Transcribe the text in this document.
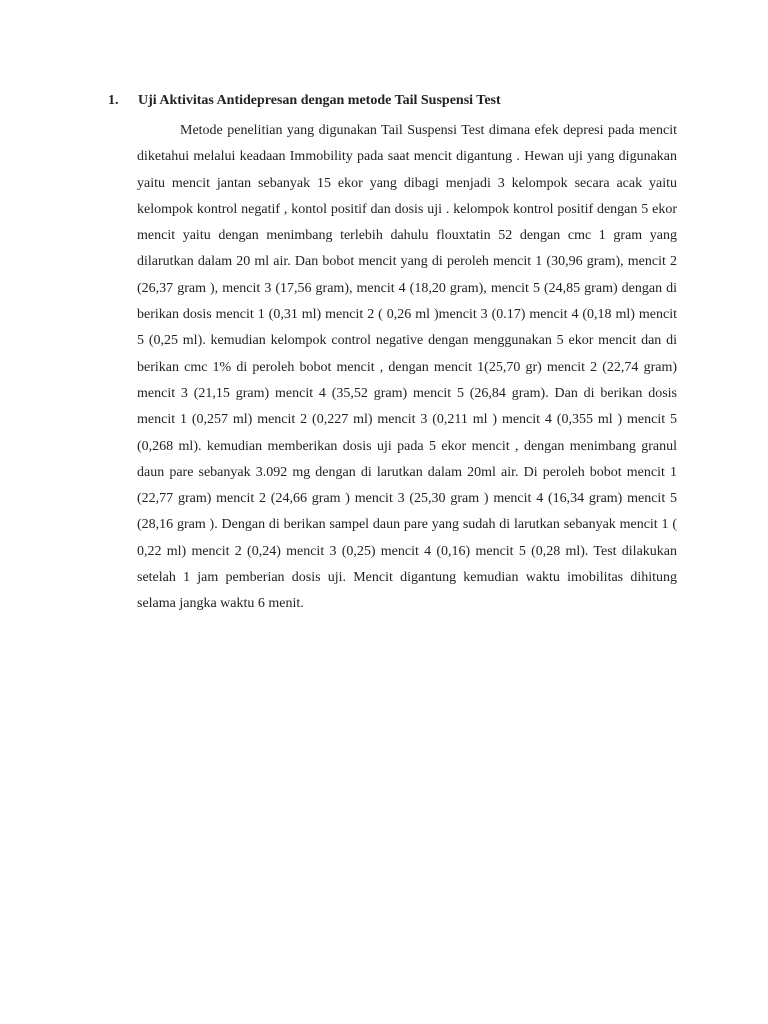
1. Uji Aktivitas Antidepresan dengan metode Tail Suspensi Test

Metode penelitian yang digunakan Tail Suspensi Test dimana efek depresi pada mencit diketahui melalui keadaan Immobility pada saat mencit digantung . Hewan uji yang digunakan yaitu mencit jantan sebanyak 15 ekor yang dibagi menjadi 3 kelompok secara acak yaitu kelompok kontrol negatif , kontol positif dan dosis uji . kelompok kontrol positif dengan 5 ekor mencit yaitu dengan menimbang terlebih dahulu flouxtatin 52 dengan cmc 1 gram yang dilarutkan dalam 20 ml air. Dan bobot mencit yang di peroleh mencit 1 (30,96 gram), mencit 2 (26,37 gram ), mencit 3 (17,56 gram), mencit 4 (18,20 gram), mencit 5 (24,85 gram) dengan di berikan dosis mencit 1 (0,31 ml) mencit 2 ( 0,26 ml )mencit 3 (0.17) mencit 4 (0,18 ml) mencit 5 (0,25 ml). kemudian kelompok control negative dengan menggunakan 5 ekor mencit dan di berikan cmc 1% di peroleh bobot mencit , dengan mencit 1(25,70 gr) mencit 2 (22,74 gram) mencit 3 (21,15 gram) mencit 4 (35,52 gram) mencit 5 (26,84 gram). Dan di berikan dosis mencit 1 (0,257 ml) mencit 2 (0,227 ml) mencit 3 (0,211 ml ) mencit 4 (0,355 ml ) mencit 5 (0,268 ml). kemudian memberikan dosis uji pada 5 ekor mencit , dengan menimbang granul daun pare sebanyak 3.092 mg dengan di larutkan dalam 20ml air. Di peroleh bobot mencit 1 (22,77 gram) mencit 2 (24,66 gram ) mencit 3 (25,30 gram ) mencit 4 (16,34 gram) mencit 5 (28,16 gram ). Dengan di berikan sampel daun pare yang sudah di larutkan sebanyak mencit 1 ( 0,22 ml) mencit 2 (0,24) mencit 3 (0,25) mencit 4 (0,16) mencit 5 (0,28 ml). Test dilakukan setelah 1 jam pemberian dosis uji. Mencit digantung kemudian waktu imobilitas dihitung selama jangka waktu 6 menit.
